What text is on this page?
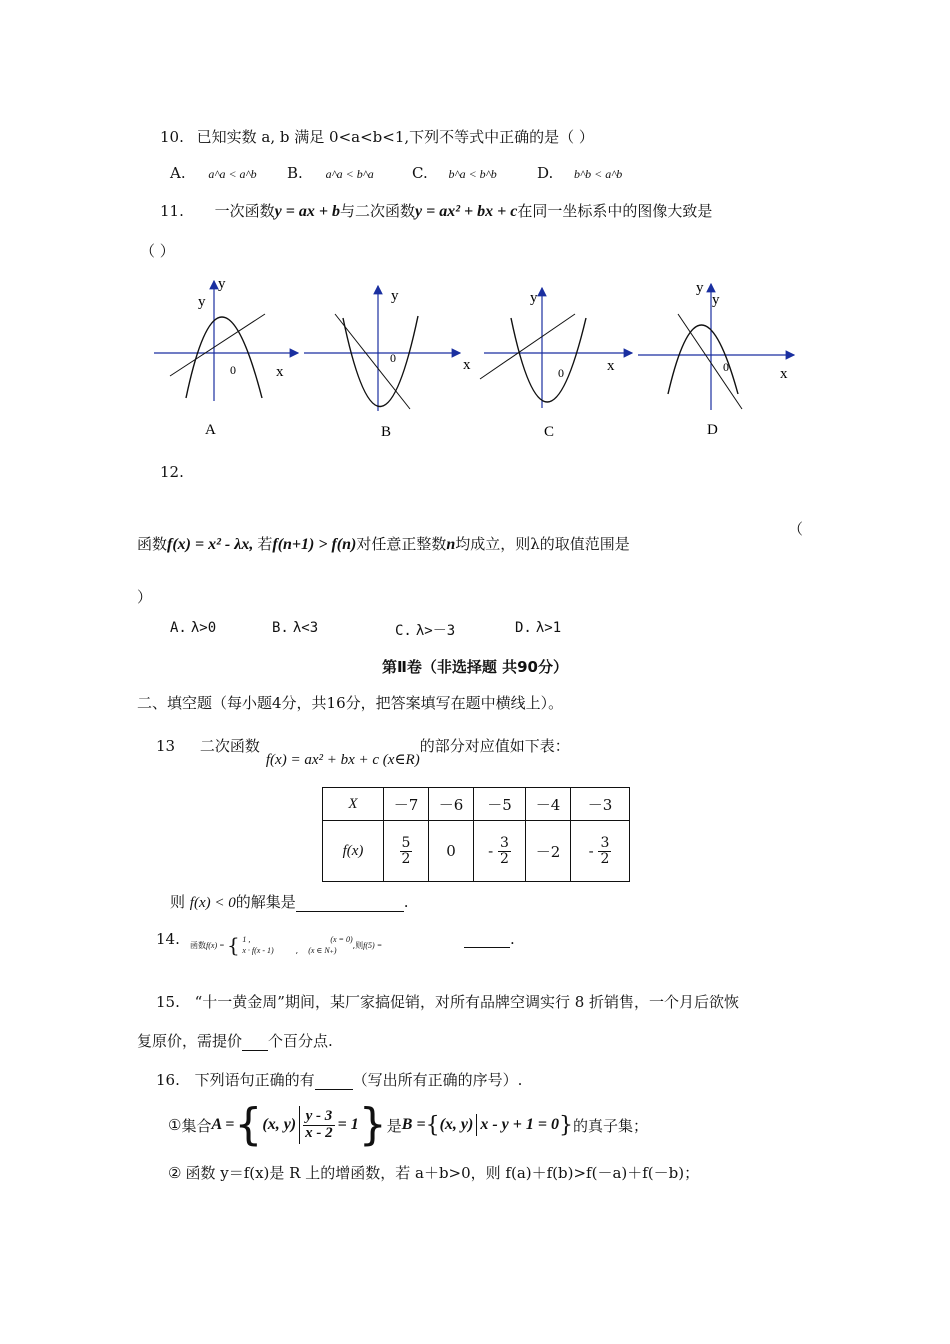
10. 已知实数 a, b 满足 0<a<b<1,下列不等式中正确的是（ ）
A. a^a < a^b B. a^a < b^a	C. b^a < b^b	D. b^b < a^b
11. 一次函数y = ax + b与二次函数y = ax² + bx + c在同一坐标系中的图像大致是
（ ）
y
y
0	x
A
y
0	x
B
y
0	x
C
y
y
0	x
D
12.
函数f(x) = x² - λx, 若f(n+1) > f(n)对任意正整数n均成立，则λ的取值范围是
（
）
A. λ>0	B. λ<3	C. λ>－3	D. λ>1
第Ⅱ卷（非选择题 共90分）
二、填空题（每小题4分，共16分，把答案填写在题中横线上）。
13 二次函数f(x) = ax² + bx + c (x∈R)的部分对应值如下表：
X	－7	－6	－5	－4	－3
f(x)	$\frac{5}{2}$	0	- $\frac{3}{2}$	－2	- $\frac{3}{2}$
则 f(x) < 0的解集是	.
14. 函数f(x) = { 1 ,	(x = 0)
x · f(x - 1)	, (x ∈ N₊)
,则f(5) =	.
15. “十一黄金周”期间，某厂家搞促销，对所有品牌空调实行 8 折销售，一个月后欲恢
复原价，需提价 个百分点.
16. 下列语句正确的有	（写出所有正确的序号）.
① 集合 A = { (x, $y) \frac{y - 3}{x - 2} = 1$ } 是 B = { (x, y) x - y + 1 = 0 } 的真子集；
② 函数 y＝f(x)是 R 上的增函数，若 a＋b>0，则 f(a)＋f(b)>f(－a)＋f(－b)；
